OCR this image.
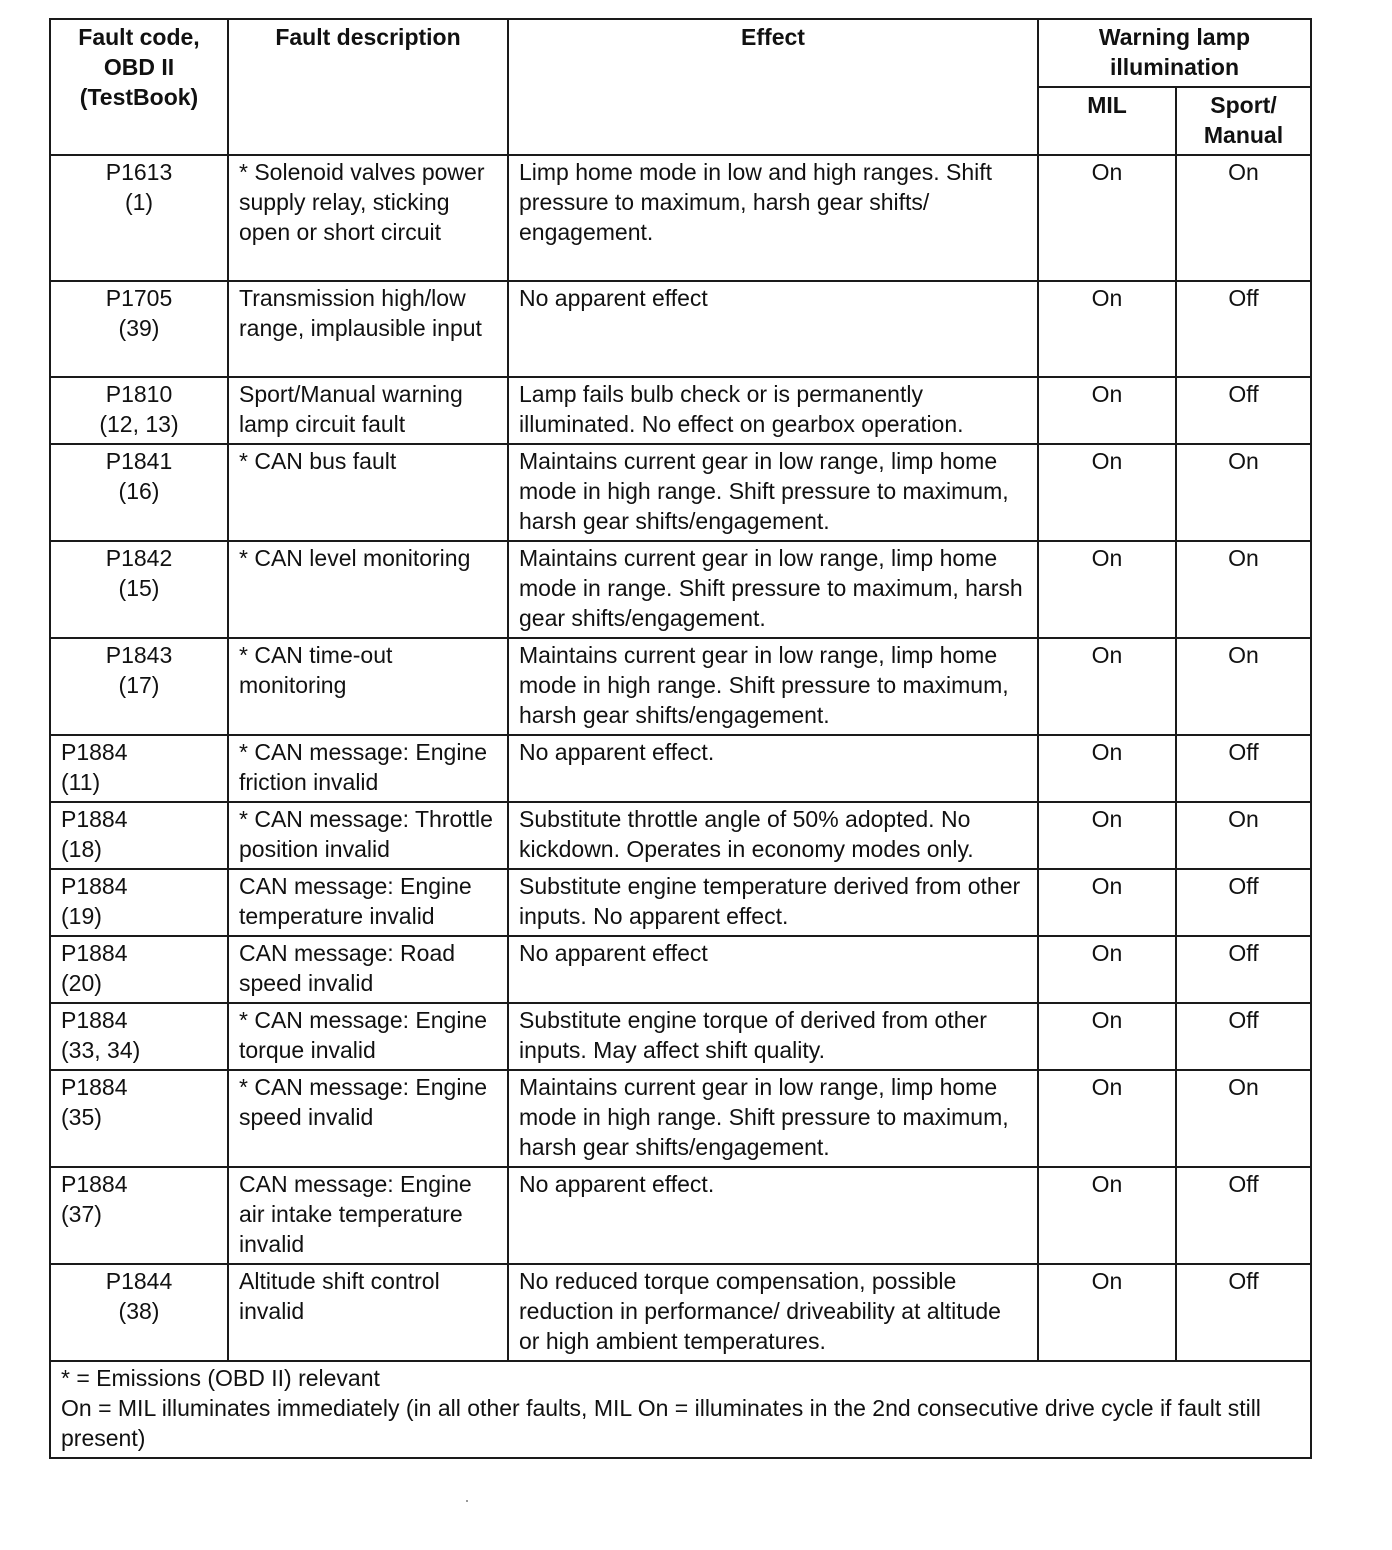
Fault code,
OBD II
(TestBook)	Fault description	Effect	Warning lamp
illumination	

			MIL	Sport/
Manual

P1613
(1)	* Solenoid valves power supply relay, sticking open or short circuit	Limp home mode in low and high ranges. Shift pressure to maximum, harsh gear shifts/ engagement.	On	On

P1705
(39)	Transmission high/low range, implausible input	No apparent effect	On	Off

P1810
(12, 13)	Sport/Manual warning lamp circuit fault	Lamp fails bulb check or is permanently illuminated. No effect on gearbox operation.	On	Off

P1841
(16)	* CAN bus fault	Maintains current gear in low range, limp home mode in high range. Shift pressure to maximum, harsh gear shifts/engagement.	On	On

P1842
(15)	* CAN level monitoring	Maintains current gear in low range, limp home mode in range. Shift pressure to maximum, harsh gear shifts/engagement.	On	On

P1843
(17)	* CAN time-out monitoring	Maintains current gear in low range, limp home mode in high range. Shift pressure to maximum, harsh gear shifts/engagement.	On	On

P1884
(11)	* CAN message: Engine friction invalid	No apparent effect.	On	Off

P1884
(18)	* CAN message: Throttle position invalid	Substitute throttle angle of 50% adopted. No kickdown. Operates in economy modes only.	On	On

P1884
(19)	CAN message: Engine temperature invalid	Substitute engine temperature derived from other inputs. No apparent effect.	On	Off

P1884
(20)	CAN message: Road speed invalid	No apparent effect	On	Off

P1884
(33, 34)	* CAN message: Engine torque invalid	Substitute engine torque of derived from other inputs. May affect shift quality.	On	Off

P1884
(35)	* CAN message: Engine speed invalid	Maintains current gear in low range, limp home mode in high range. Shift pressure to maximum, harsh gear shifts/engagement.	On	On

P1884
(37)	CAN message: Engine air intake temperature invalid	No apparent effect.	On	Off

P1844
(38)	Altitude shift control invalid	No reduced torque compensation, possible reduction in performance/ driveability at altitude or high ambient temperatures.	On	Off

* = Emissions (OBD II) relevant
On = MIL illuminates immediately (in all other faults, MIL On = illuminates in the 2nd consecutive drive cycle if fault still present)				
